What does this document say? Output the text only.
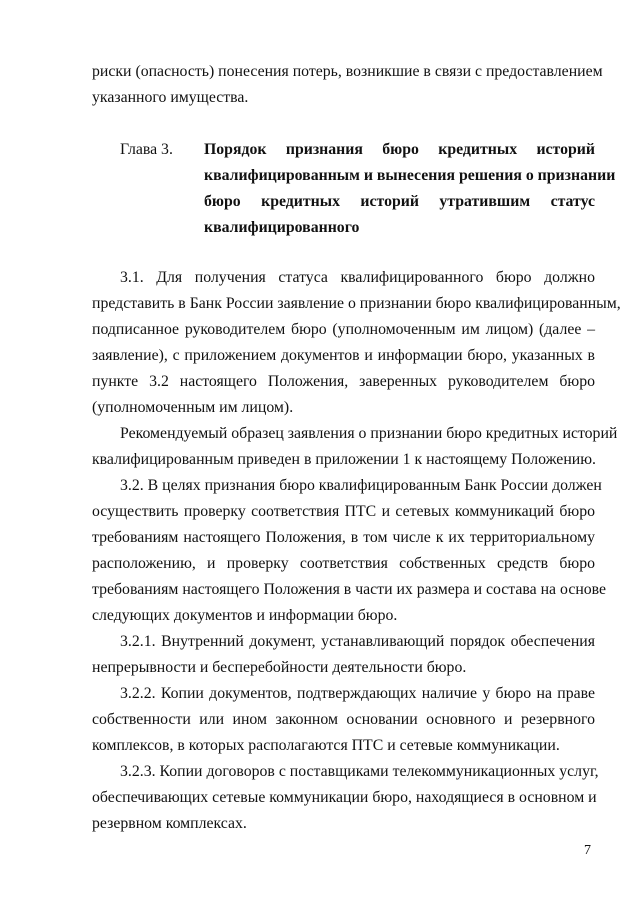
риски (опасность) понесения потерь, возникшие в связи с предоставлением
указанного имущества.
Глава 3. Порядок признания бюро кредитных историй
квалифицированным и вынесения решения о признании
бюро кредитных историй утратившим статус
квалифицированного
3.1. Для получения статуса квалифицированного бюро должно
представить в Банк России заявление о признании бюро квалифицированным,
подписанное руководителем бюро (уполномоченным им лицом) (далее –
заявление), с приложением документов и информации бюро, указанных в
пункте 3.2 настоящего Положения, заверенных руководителем бюро
(уполномоченным им лицом).
Рекомендуемый образец заявления о признании бюро кредитных историй
квалифицированным приведен в приложении 1 к настоящему Положению.
3.2. В целях признания бюро квалифицированным Банк России должен
осуществить проверку соответствия ПТС и сетевых коммуникаций бюро
требованиям настоящего Положения, в том числе к их территориальному
расположению, и проверку соответствия собственных средств бюро
требованиям настоящего Положения в части их размера и состава на основе
следующих документов и информации бюро.
3.2.1. Внутренний документ, устанавливающий порядок обеспечения
непрерывности и бесперебойности деятельности бюро.
3.2.2. Копии документов, подтверждающих наличие у бюро на праве
собственности или ином законном основании основного и резервного
комплексов, в которых располагаются ПТС и сетевые коммуникации.
3.2.3. Копии договоров с поставщиками телекоммуникационных услуг,
обеспечивающих сетевые коммуникации бюро, находящиеся в основном и
резервном комплексах.
7
